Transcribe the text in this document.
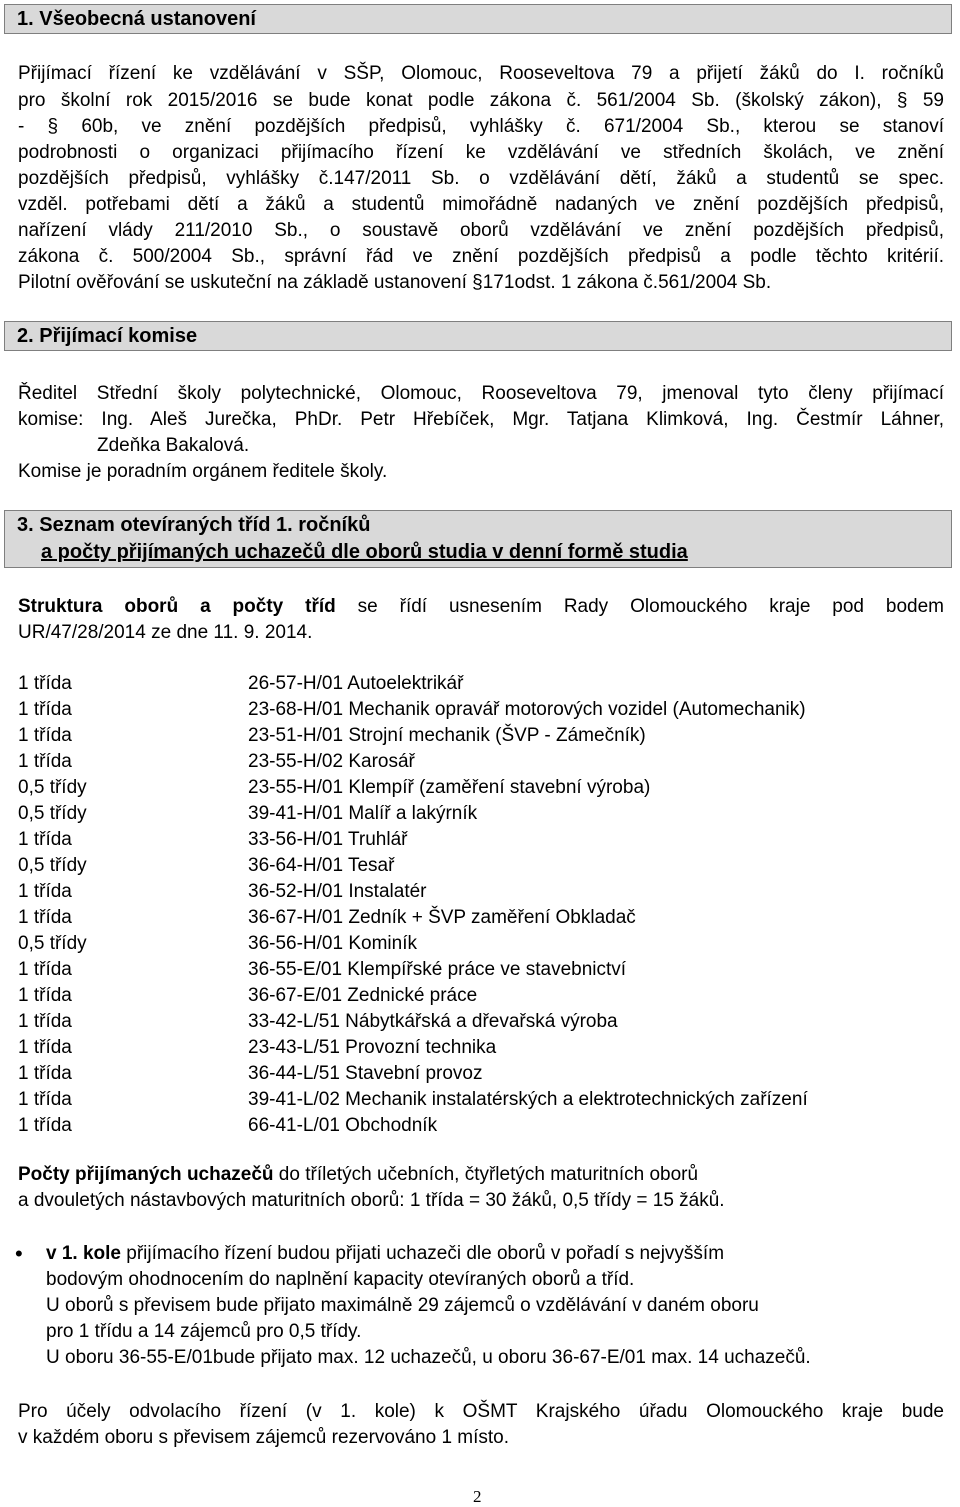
1. Všeobecná ustanovení
Přijímací řízení ke vzdělávání v SŠP, Olomouc, Rooseveltova 79 a přijetí žáků do I. ročníků
pro školní rok 2015/2016 se bude konat podle zákona č. 561/2004 Sb. (školský zákon), § 59
- § 60b, ve znění pozdějších předpisů, vyhlášky č. 671/2004 Sb., kterou se stanoví
podrobnosti o organizaci přijímacího řízení ke vzdělávání ve středních školách, ve znění
pozdějších předpisů, vyhlášky č.147/2011 Sb. o vzdělávání dětí, žáků a studentů se spec.
vzděl. potřebami dětí a žáků a studentů mimořádně nadaných ve znění pozdějších předpisů,
nařízení vlády 211/2010 Sb., o soustavě oborů vzdělávání ve znění pozdějších předpisů,
zákona č. 500/2004 Sb., správní řád ve znění pozdějších předpisů a podle těchto kritérií.
Pilotní ověřování se uskuteční na základě ustanovení §171odst. 1 zákona č.561/2004 Sb.
2. Přijímací komise
Ředitel Střední školy polytechnické, Olomouc, Rooseveltova 79, jmenoval tyto členy přijímací
komise: Ing. Aleš Jurečka, PhDr. Petr Hřebíček, Mgr. Tatjana Klimková, Ing. Čestmír Láhner,
Zdeňka Bakalová.
Komise je poradním orgánem ředitele školy.
3. Seznam otevíraných tříd 1. ročníků
a počty přijímaných uchazečů dle oborů studia v denní formě studia
Struktura oborů a počty tříd se řídí usnesením Rady Olomouckého kraje pod bodem
UR/47/28/2014 ze dne 11. 9. 2014.
1 třída	26-57-H/01 Autoelektrikář
1 třída	23-68-H/01 Mechanik opravář motorových vozidel (Automechanik)
1 třída	23-51-H/01 Strojní mechanik (ŠVP - Zámečník)
1 třída	23-55-H/02 Karosář
0,5 třídy	23-55-H/01 Klempíř (zaměření stavební výroba)
0,5 třídy	39-41-H/01 Malíř a lakýrník
1 třída	33-56-H/01 Truhlář
0,5 třídy	36-64-H/01 Tesař
1 třída	36-52-H/01 Instalatér
1 třída	36-67-H/01 Zedník + ŠVP zaměření Obkladač
0,5 třídy	36-56-H/01 Kominík
1 třída	36-55-E/01 Klempířské práce ve stavebnictví
1 třída	36-67-E/01 Zednické práce
1 třída	33-42-L/51 Nábytkářská a dřevařská výroba
1 třída	23-43-L/51 Provozní technika
1 třída	36-44-L/51 Stavební provoz
1 třída	39-41-L/02 Mechanik instalatérských a elektrotechnických zařízení
1 třída	66-41-L/01 Obchodník
Počty přijímaných uchazečů do tříletých učebních, čtyřletých maturitních oborů
a dvouletých nástavbových maturitních oborů: 1 třída = 30 žáků, 0,5 třídy = 15 žáků.
• v 1. kole přijímacího řízení budou přijati uchazeči dle oborů v pořadí s nejvyšším
bodovým ohodnocením do naplnění kapacity otevíraných oborů a tříd.
U oborů s převisem bude přijato maximálně 29 zájemců o vzdělávání v daném oboru
pro 1 třídu a 14 zájemců pro 0,5 třídy.
U oboru 36-55-E/01bude přijato max. 12 uchazečů, u oboru 36-67-E/01 max. 14 uchazečů.
Pro účely odvolacího řízení (v 1. kole) k OŠMT Krajského úřadu Olomouckého kraje bude
v každém oboru s převisem zájemců rezervováno 1 místo.
2
